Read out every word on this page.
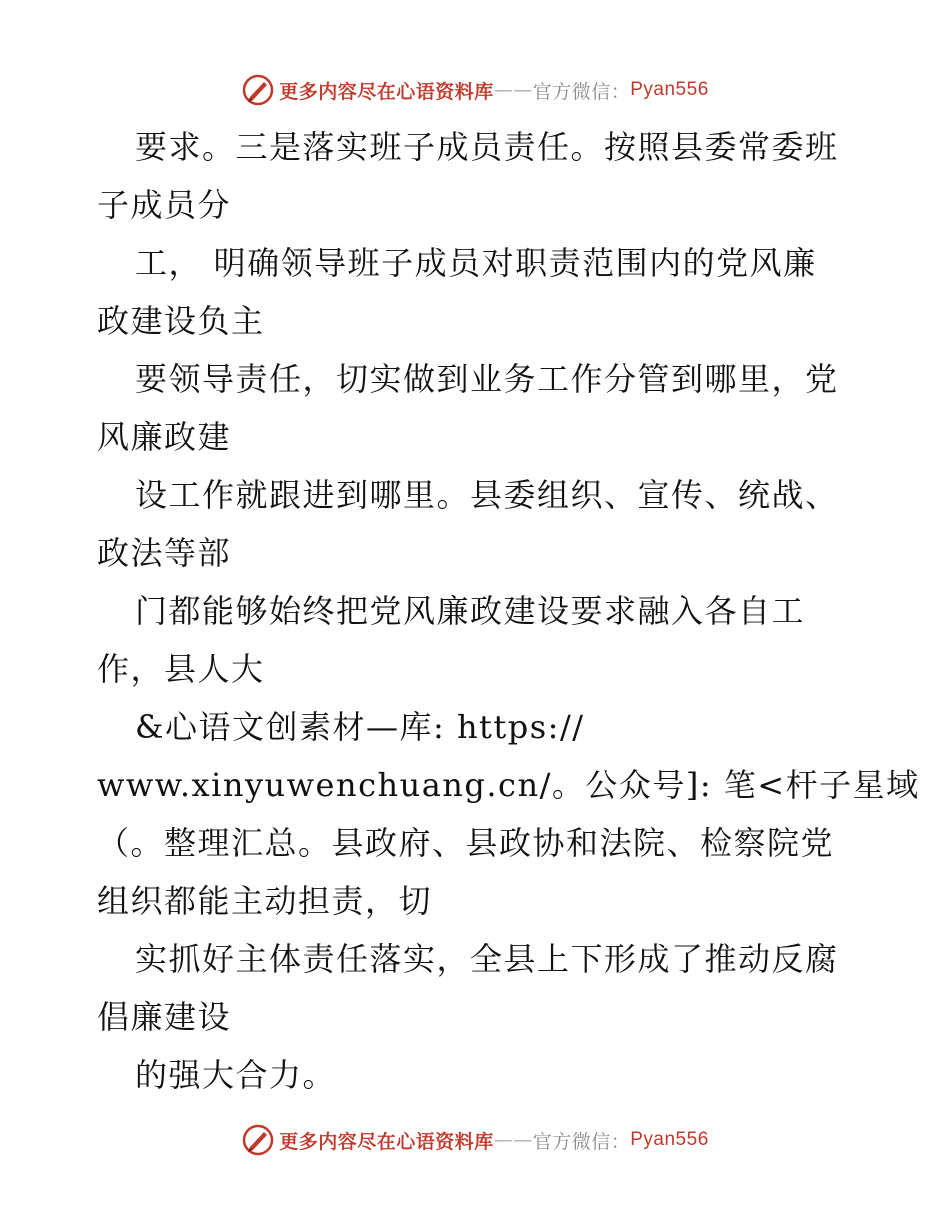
更多内容尽在心语资料库 —— 官方微信： Pyan556
要求。三是落实班子成员责任。按照县委常委班
子成员分
工， 明确领导班子成员对职责范围内的党风廉
政建设负主
要领导责任，切实做到业务工作分管到哪里，党
风廉政建
设工作就跟进到哪里。县委组织、宣传、统战、
政法等部
门都能够始终把党风廉政建设要求融入各自工
作，县人大
&心语文创素材—库: https://
www.xinyuwenchuang.cn/。公众号]: 笔<杆子星域
（。整理汇总。县政府、县政协和法院、检察院党
组织都能主动担责，切
实抓好主体责任落实，全县上下形成了推动反腐
倡廉建设
的强大合力。
更多内容尽在心语资料库 —— 官方微信： Pyan556
